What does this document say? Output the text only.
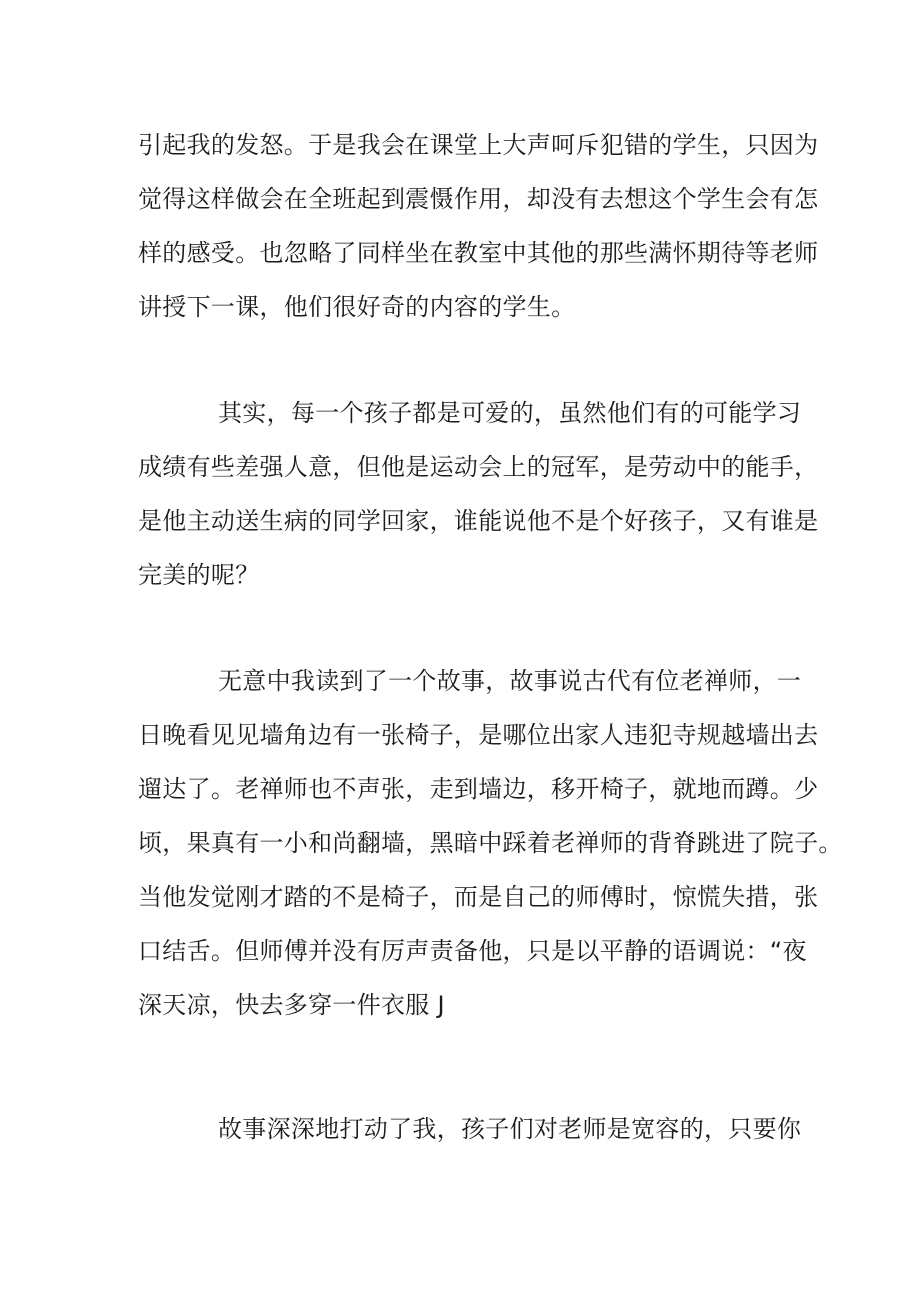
引起我的发怒。于是我会在课堂上大声呵斥犯错的学生，只因为
觉得这样做会在全班起到震慑作用，却没有去想这个学生会有怎
样的感受。也忽略了同样坐在教室中其他的那些满怀期待等老师
讲授下一课，他们很好奇的内容的学生。

其实，每一个孩子都是可爱的，虽然他们有的可能学习
成绩有些差强人意，但他是运动会上的冠军，是劳动中的能手，
是他主动送生病的同学回家，谁能说他不是个好孩子，又有谁是
完美的呢？

无意中我读到了一个故事，故事说古代有位老禅师，一
日晚看见见墙角边有一张椅子，是哪位出家人违犯寺规越墙出去
遛达了。老禅师也不声张，走到墙边，移开椅子，就地而蹲。少
顷，果真有一小和尚翻墙，黑暗中踩着老禅师的背脊跳进了院子。
当他发觉刚才踏的不是椅子，而是自己的师傅时，惊慌失措，张
口结舌。但师傅并没有厉声责备他，只是以平静的语调说：“夜
深天凉，快去多穿一件衣服 J

故事深深地打动了我，孩子们对老师是宽容的，只要你
